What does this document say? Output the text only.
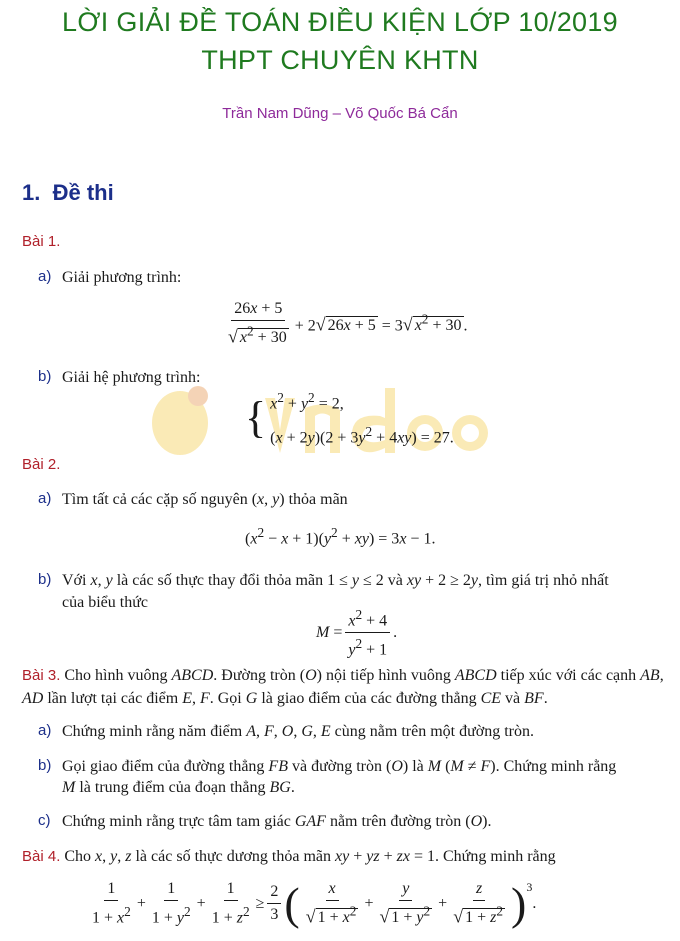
LỜI GIẢI ĐỀ TOÁN ĐIỀU KIỆN LỚP 10/2019
THPT CHUYÊN KHTN
Trần Nam Dũng – Võ Quốc Bá Cẩn
1. Đề thi
Bài 1.
a) Giải phương trình:
$\frac{26x + 5}{√ x^2 + 30} + 2√$ 26x + 5 = 3√ $x^2 + 30$ .
b) Giải hệ phương trình:
{ $x^2 + y^2 = 2$,
$(x + 2y)(2 + 3y^2 + 4xy) = 27$.
Bài 2.
a) Tìm tất cả các cặp số nguyên (x, y) thỏa mãn
$(x^2 - x + 1)(y^2 + xy) = 3x - 1$.
b) Với x, y là các số thực thay đổi thỏa mãn 1 ≤ y ≤ 2 và xy + 2 ≥ 2y, tìm giá trị nhỏ nhất
của biểu thức
$M = \frac{x^2 + 4}{y^2 + 1}$ .
Bài 3. Cho hình vuông ABCD. Đường tròn (O) nội tiếp hình vuông ABCD tiếp xúc với các cạnh AB, AD lần lượt tại các điểm E, F. Gọi G là giao điểm của các đường thẳng CE và BF.
a) Chứng minh rằng năm điểm A, F, O, G, E cùng nằm trên một đường tròn.
b) Gọi giao điểm của đường thẳng FB và đường tròn (O) là M (M ≠ F). Chứng minh rằng
M là trung điểm của đoạn thẳng BG.
c) Chứng minh rằng trực tâm tam giác GAF nằm trên đường tròn (O).
Bài 4. Cho x, y, z là các số thực dương thỏa mãn xy + yz + zx = 1. Chứng minh rằng
$\frac{1}{1 + x^2} + \frac{1}{1 + y^2} + \frac{1}{1 + z^2} \ge \frac{2}{3}$ ( $\frac{x}{√ 1 + x^2} + \frac{y}{√ 1 + y^2} + \frac{z}{√ 1 + z^2} )^3$
.
